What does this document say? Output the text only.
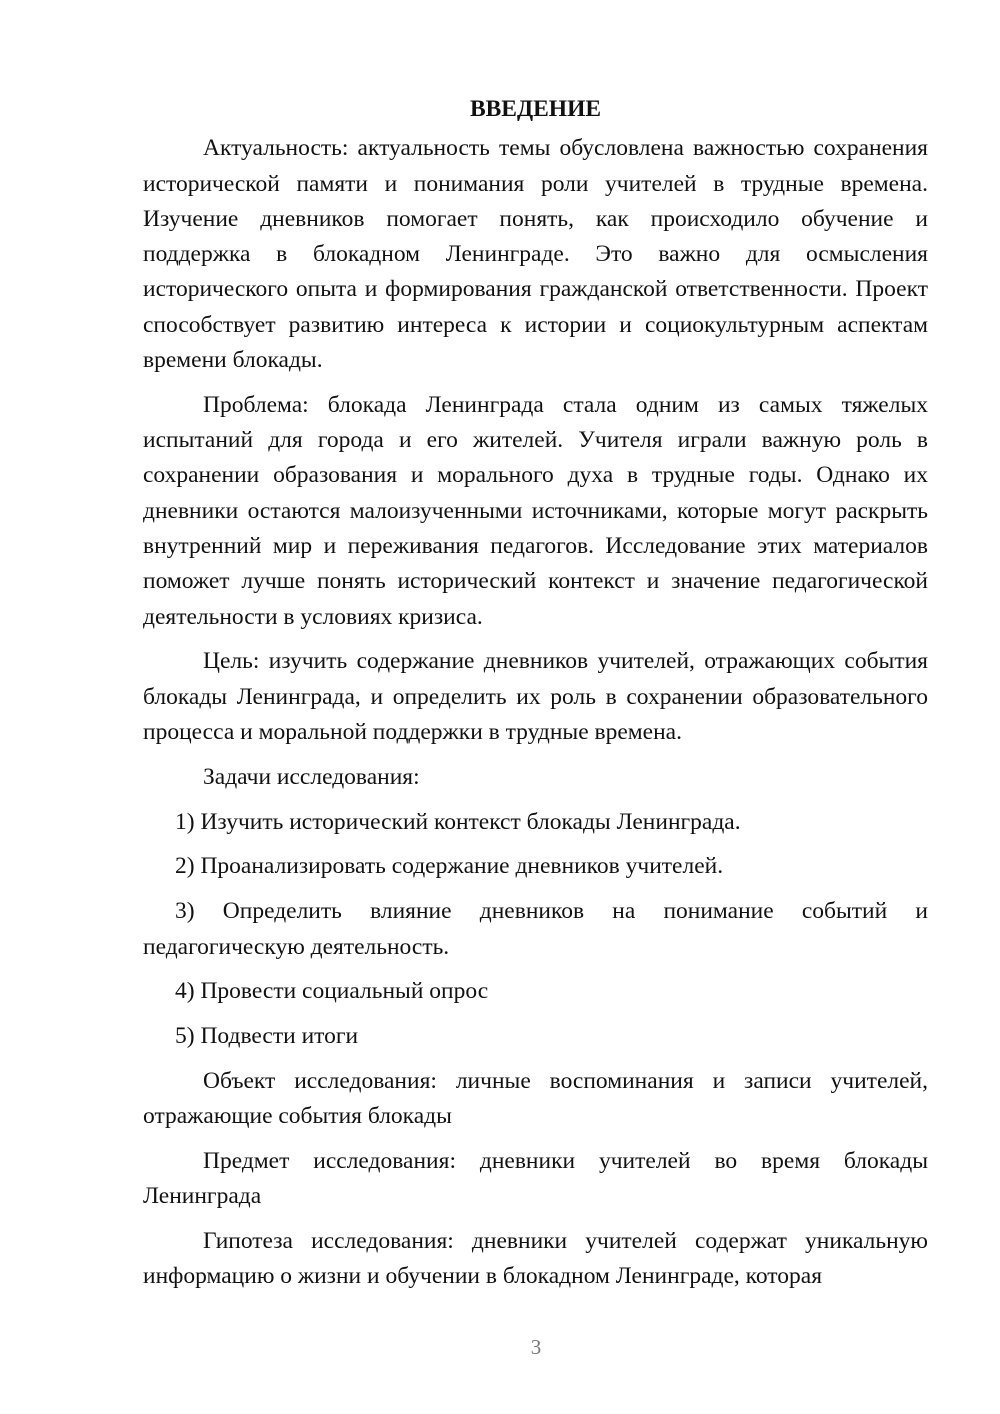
ВВЕДЕНИЕ

Актуальность: актуальность темы обусловлена важностью сохранения исторической памяти и понимания роли учителей в трудные времена. Изучение дневников помогает понять, как происходило обучение и поддержка в блокадном Ленинграде. Это важно для осмысления исторического опыта и формирования гражданской ответственности. Проект способствует развитию интереса к истории и социокультурным аспектам времени блокады.

Проблема: блокада Ленинграда стала одним из самых тяжелых испытаний для города и его жителей. Учителя играли важную роль в сохранении образования и морального духа в трудные годы. Однако их дневники остаются малоизученными источниками, которые могут раскрыть внутренний мир и переживания педагогов. Исследование этих материалов поможет лучше понять исторический контекст и значение педагогической деятельности в условиях кризиса.

Цель: изучить содержание дневников учителей, отражающих события блокады Ленинграда, и определить их роль в сохранении образовательного процесса и моральной поддержки в трудные времена.

Задачи исследования:

1) Изучить исторический контекст блокады Ленинграда.

2) Проанализировать содержание дневников учителей.

3) Определить влияние дневников на понимание событий и педагогическую деятельность.

4) Провести социальный опрос

5) Подвести итоги

Объект исследования: личные воспоминания и записи учителей, отражающие события блокады

Предмет исследования: дневники учителей во время блокады Ленинграда

Гипотеза исследования: дневники учителей содержат уникальную информацию о жизни и обучении в блокадном Ленинграде, которая

3
